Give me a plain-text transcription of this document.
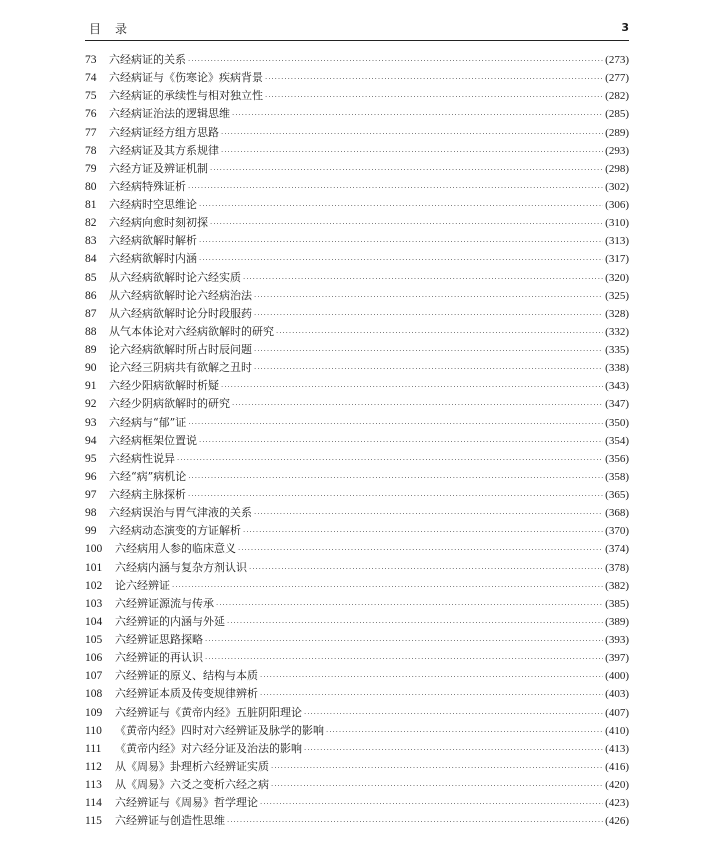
目录	3
73	六经病证的关系 ·····	(273)
74	六经病证与《伤寒论》疾病背景 ·····	(277)
75	六经病证的承续性与相对独立性 ·····	(282)
76	六经病证治法的逻辑思维 ·····	(285)
77	六经病证经方组方思路 ·····	(289)
78	六经病证及其方系规律 ·····	(293)
79	六经方证及辨证机制 ·····	(298)
80	六经病特殊证析 ·····	(302)
81	六经病时空思维论 ·····	(306)
82	六经病向愈时刻初探 ·····	(310)
83	六经病欲解时解析 ·····	(313)
84	六经病欲解时内涵 ·····	(317)
85	从六经病欲解时论六经实质 ·····	(320)
86	从六经病欲解时论六经病治法 ·····	(325)
87	从六经病欲解时论分时段服药 ·····	(328)
88	从气本体论对六经病欲解时的研究 ·····	(332)
89	论六经病欲解时所占时辰问题 ·····	(335)
90	论六经三阴病共有欲解之丑时 ·····	(338)
91	六经少阳病欲解时析疑 ·····	(343)
92	六经少阴病欲解时的研究 ·····	(347)
93	六经病与“郁”证 ·····	(350)
94	六经病框架位置说 ·····	(354)
95	六经病性说异 ·····	(356)
96	六经“病”病机论 ·····	(358)
97	六经病主脉探析 ·····	(365)
98	六经病误治与胃气津液的关系 ·····	(368)
99	六经病动态演变的方证解析 ·····	(370)
100	六经病用人参的临床意义 ·····	(374)
101	六经病内涵与复杂方剂认识 ·····	(378)
102	论六经辨证 ·····	(382)
103	六经辨证源流与传承 ·····	(385)
104	六经辨证的内涵与外延 ·····	(389)
105	六经辨证思路探略 ·····	(393)
106	六经辨证的再认识 ·····	(397)
107	六经辨证的原义、结构与本质 ·····	(400)
108	六经辨证本质及传变规律辨析 ·····	(403)
109	六经辨证与《黄帝内经》五脏阴阳理论 ·····	(407)
110	《黄帝内经》四时对六经辨证及脉学的影响 ·····	(410)
111	《黄帝内经》对六经分证及治法的影响 ·····	(413)
112	从《周易》卦理析六经辨证实质 ·····	(416)
113	从《周易》六爻之变析六经之病 ·····	(420)
114	六经辨证与《周易》哲学理论 ·····	(423)
115	六经辨证与创造性思维 ·····	(426)
